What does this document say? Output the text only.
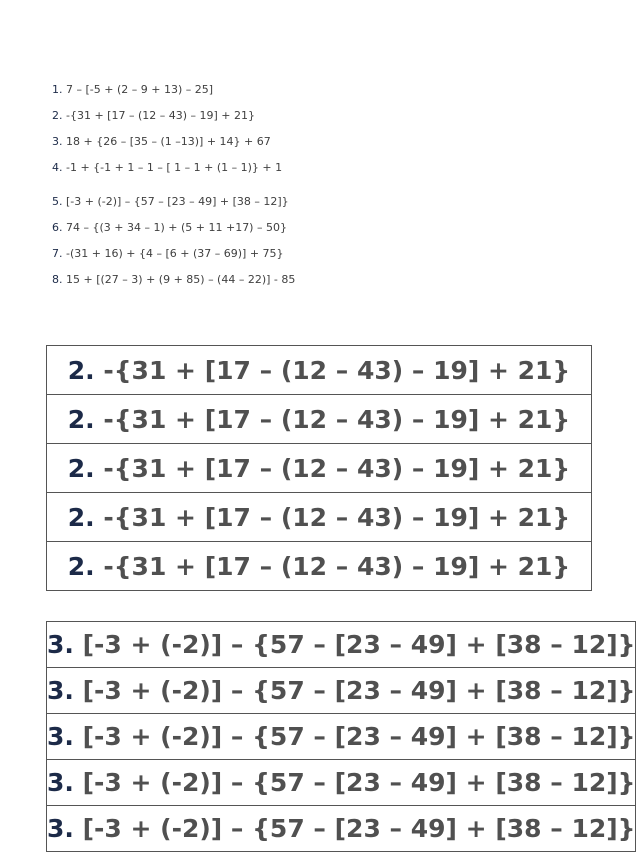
1. 7 – [-5 + (2 – 9 + 13) – 25]
2. -{31 + [17 – (12 – 43) – 19] + 21}
3. 18 + {26 – [35 – (1 –13)] + 14} + 67
4. -1 + {-1 + 1 – 1 – [ 1 – 1 + (1 – 1)} + 1
5. [-3 + (-2)] – {57 – [23 – 49] + [38 – 12]}
6. 74 – {(3 + 34 – 1) + (5 + 11 +17) – 50}
7. -(31 + 16) + {4 – [6 + (37 – 69)] + 75}
8. 15 + [(27 – 3) + (9 + 85) – (44 – 22)] - 85
2. -{31 + [17 – (12 – 43) – 19] + 21}
2. -{31 + [17 – (12 – 43) – 19] + 21}
2. -{31 + [17 – (12 – 43) – 19] + 21}
2. -{31 + [17 – (12 – 43) – 19] + 21}
2. -{31 + [17 – (12 – 43) – 19] + 21}
3. [-3 + (-2)] – {57 – [23 – 49] + [38 – 12]}
3. [-3 + (-2)] – {57 – [23 – 49] + [38 – 12]}
3. [-3 + (-2)] – {57 – [23 – 49] + [38 – 12]}
3. [-3 + (-2)] – {57 – [23 – 49] + [38 – 12]}
3. [-3 + (-2)] – {57 – [23 – 49] + [38 – 12]}
